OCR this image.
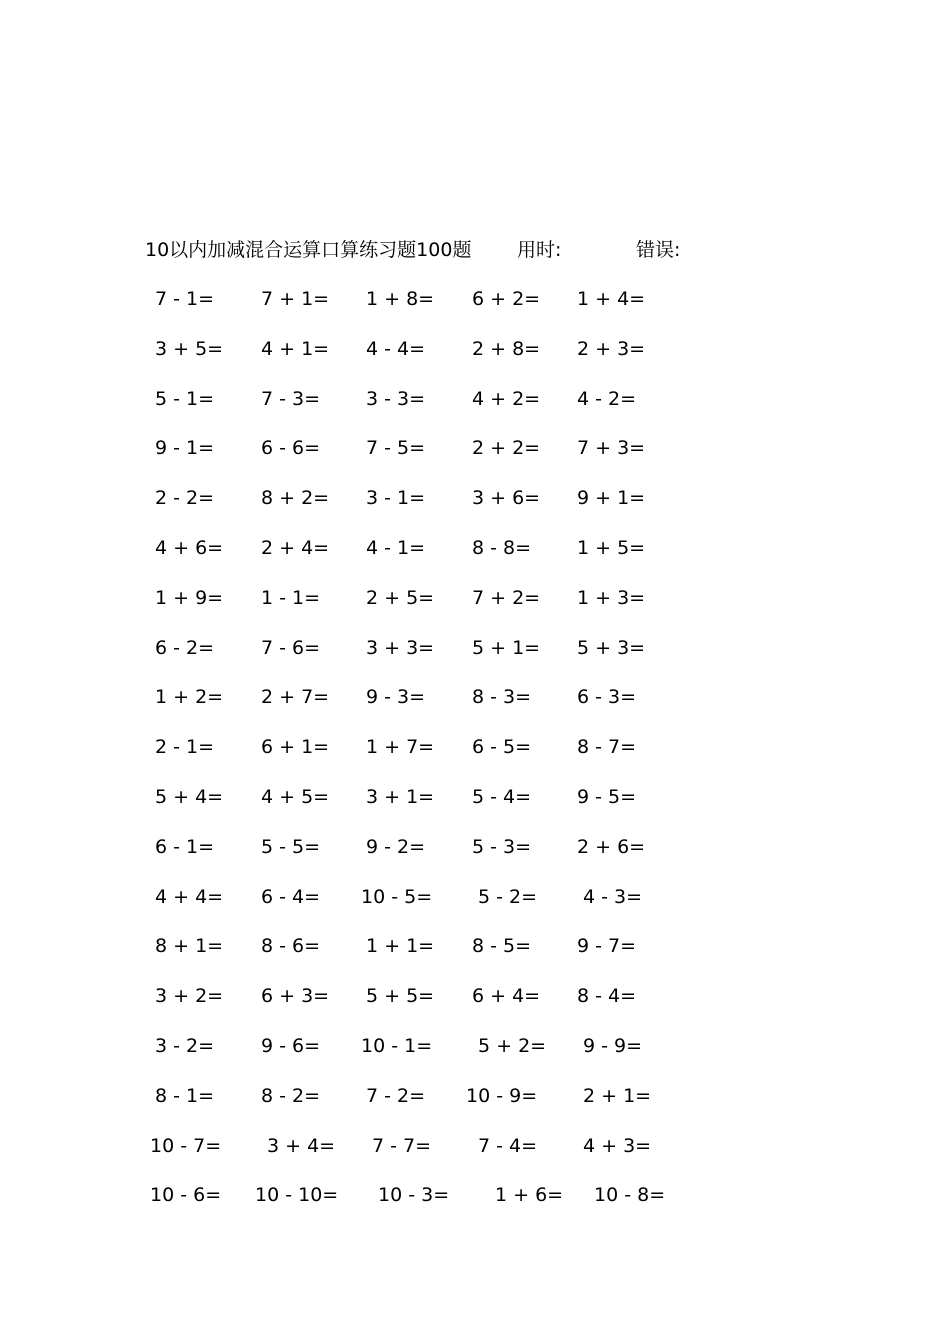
10以内加减混合运算口算练习题100题 用时:	错误:
7 - 1= 7 + 1= 1 + 8= 6 + 2= 1 + 4=
3 + 5= 4 + 1= 4 - 4= 2 + 8= 2 + 3=
5 - 1= 7 - 3= 3 - 3= 4 + 2= 4 - 2=
9 - 1= 6 - 6= 7 - 5= 2 + 2= 7 + 3=
2 - 2= 8 + 2= 3 - 1= 3 + 6= 9 + 1=
4 + 6= 2 + 4= 4 - 1= 8 - 8= 1 + 5=
1 + 9= 1 - 1= 2 + 5= 7 + 2= 1 + 3=
6 - 2= 7 - 6= 3 + 3= 5 + 1= 5 + 3=
1 + 2= 2 + 7= 9 - 3= 8 - 3= 6 - 3=
2 - 1= 6 + 1= 1 + 7= 6 - 5= 8 - 7=
5 + 4= 4 + 5= 3 + 1= 5 - 4= 9 - 5=
6 - 1= 5 - 5= 9 - 2= 5 - 3= 2 + 6=
4 + 4= 6 - 4= 10 - 5= 5 - 2= 4 - 3=
8 + 1= 8 - 6= 1 + 1= 8 - 5= 9 - 7=
3 + 2= 6 + 3= 5 + 5= 6 + 4= 8 - 4=
3 - 2= 9 - 6= 10 - 1= 5 + 2= 9 - 9=
8 - 1= 8 - 2= 7 - 2= 10 - 9= 2 + 1=
10 - 7= 3 + 4= 7 - 7= 7 - 4= 4 + 3=
10 - 6= 10 - 10= 10 - 3= 1 + 6= 10 - 8=
